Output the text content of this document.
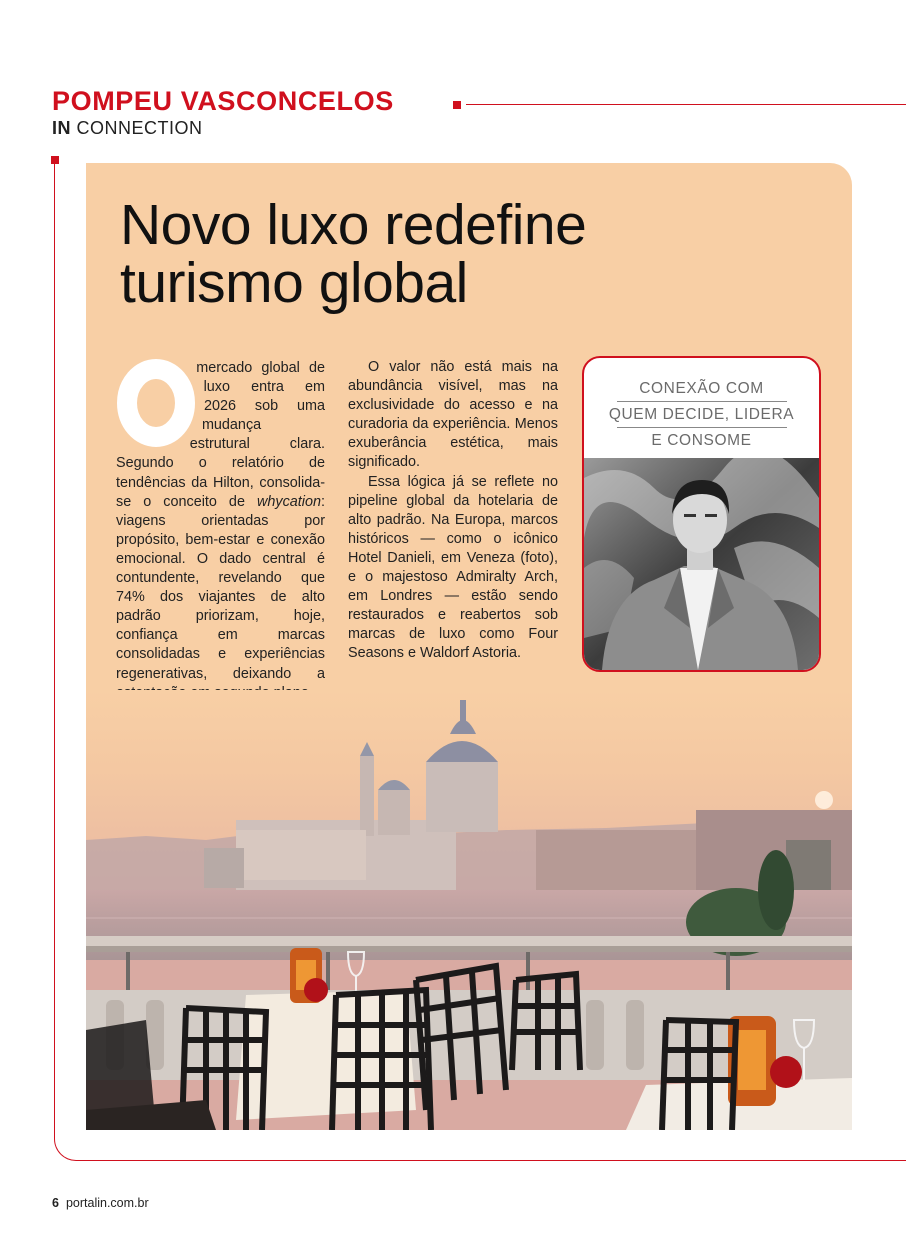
POMPEU VASCONCELOS
IN CONNECTION
Novo luxo redefine
turismo global

mercado global de luxo entra em 2026 sob uma mudança estrutural clara. Segundo o relatório de tendências da Hilton, consolida-se o conceito de whycation: viagens orientadas por propósito, bem-estar e conexão emocional. O dado central é contundente, revelando que 74% dos viajantes de alto padrão priorizam, hoje, confiança em marcas consolidadas e experiências regenerativas, deixando a

O valor não está mais na abundância visível, mas na exclusividade do acesso e na curadoria da experiência. Menos exuberância estética, mais significado.

Essa lógica já se reflete no pipeline global da hotelaria de alto padrão. Na Europa, marcos históricos — como o icônico Hotel Danieli, em Veneza (foto), e o majestoso Admiralty Arch, em Londres — estão sendo restaurados e reabertos sob marcas de luxo como Four Seasons e Waldorf Astoria.

CONEXÃO COM
QUEM DECIDE, LIDERA
E CONSOME
6 portalin.com.br
